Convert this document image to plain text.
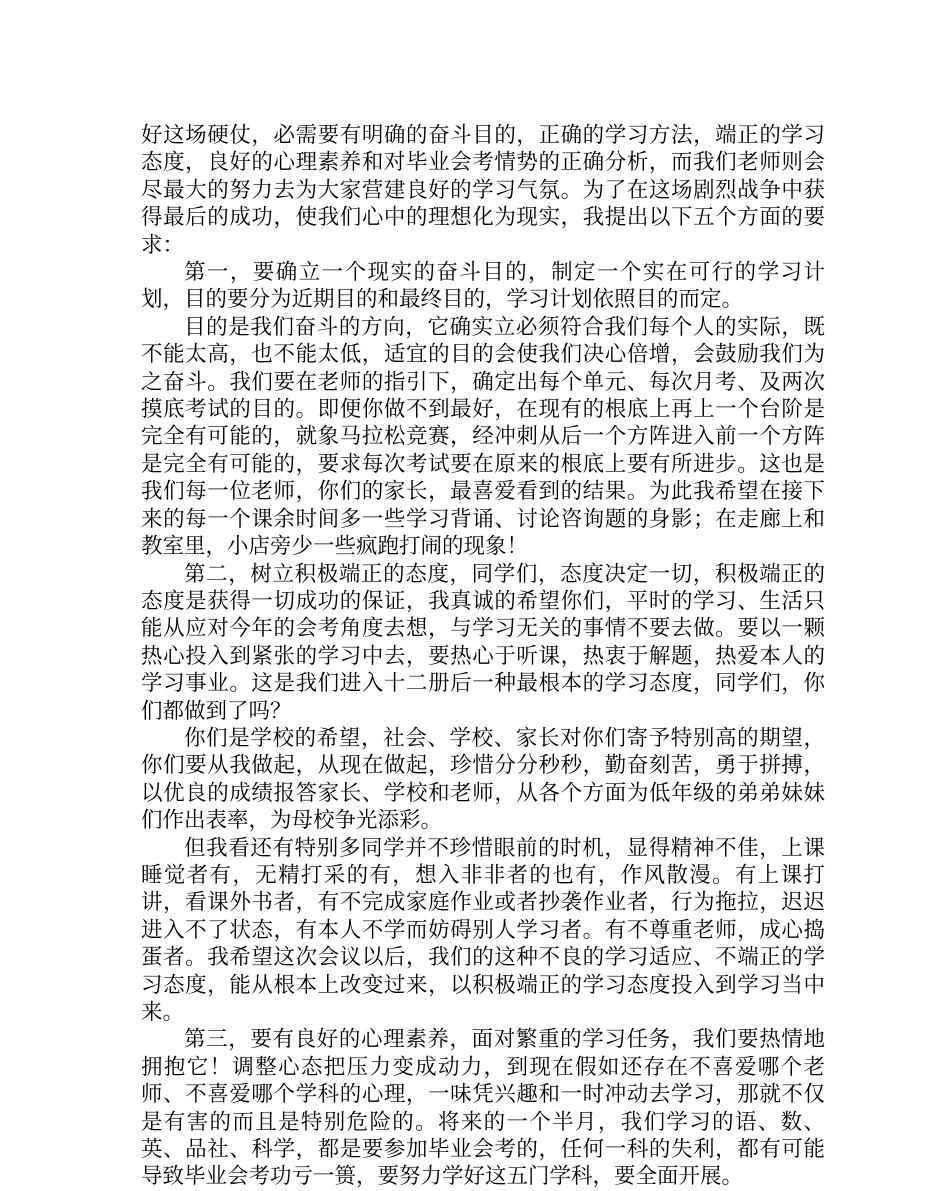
好这场硬仗，必需要有明确的奋斗目的，正确的学习方法，端正的学习态度，良好的心理素养和对毕业会考情势的正确分析，而我们老师则会尽最大的努力去为大家营建良好的学习气氛。为了在这场剧烈战争中获得最后的成功，使我们心中的理想化为现实，我提出以下五个方面的要求：

第一，要确立一个现实的奋斗目的，制定一个实在可行的学习计划，目的要分为近期目的和最终目的，学习计划依照目的而定。

目的是我们奋斗的方向，它确实立必须符合我们每个人的实际，既不能太高，也不能太低，适宜的目的会使我们决心倍增，会鼓励我们为之奋斗。我们要在老师的指引下，确定出每个单元、每次月考、及两次摸底考试的目的。即便你做不到最好，在现有的根底上再上一个台阶是完全有可能的，就象马拉松竞赛，经冲刺从后一个方阵进入前一个方阵是完全有可能的，要求每次考试要在原来的根底上要有所进步。这也是我们每一位老师，你们的家长，最喜爱看到的结果。为此我希望在接下来的每一个课余时间多一些学习背诵、讨论咨询题的身影；在走廊上和教室里，小店旁少一些疯跑打闹的现象！

第二，树立积极端正的态度，同学们，态度决定一切，积极端正的态度是获得一切成功的保证，我真诚的希望你们，平时的学习、生活只能从应对今年的会考角度去想，与学习无关的事情不要去做。要以一颗热心投入到紧张的学习中去，要热心于听课，热衷于解题，热爱本人的学习事业。这是我们进入十二册后一种最根本的学习态度，同学们，你们都做到了吗？

你们是学校的希望，社会、学校、家长对你们寄予特别高的期望，你们要从我做起，从现在做起，珍惜分分秒秒，勤奋刻苦，勇于拼搏，以优良的成绩报答家长、学校和老师，从各个方面为低年级的弟弟妹妹们作出表率，为母校争光添彩。

但我看还有特别多同学并不珍惜眼前的时机，显得精神不佳，上课睡觉者有，无精打采的有，想入非非者的也有，作风散漫。有上课打讲，看课外书者，有不完成家庭作业或者抄袭作业者，行为拖拉，迟迟进入不了状态，有本人不学而妨碍别人学习者。有不尊重老师，成心捣蛋者。我希望这次会议以后，我们的这种不良的学习适应、不端正的学习态度，能从根本上改变过来，以积极端正的学习态度投入到学习当中来。

第三，要有良好的心理素养，面对繁重的学习任务，我们要热情地拥抱它！调整心态把压力变成动力，到现在假如还存在不喜爱哪个老师、不喜爱哪个学科的心理，一味凭兴趣和一时冲动去学习，那就不仅是有害的而且是特别危险的。将来的一个半月，我们学习的语、数、英、品社、科学，都是要参加毕业会考的，任何一科的失利，都有可能导致毕业会考功亏一篑，要努力学好这五门学科，要全面开展。
